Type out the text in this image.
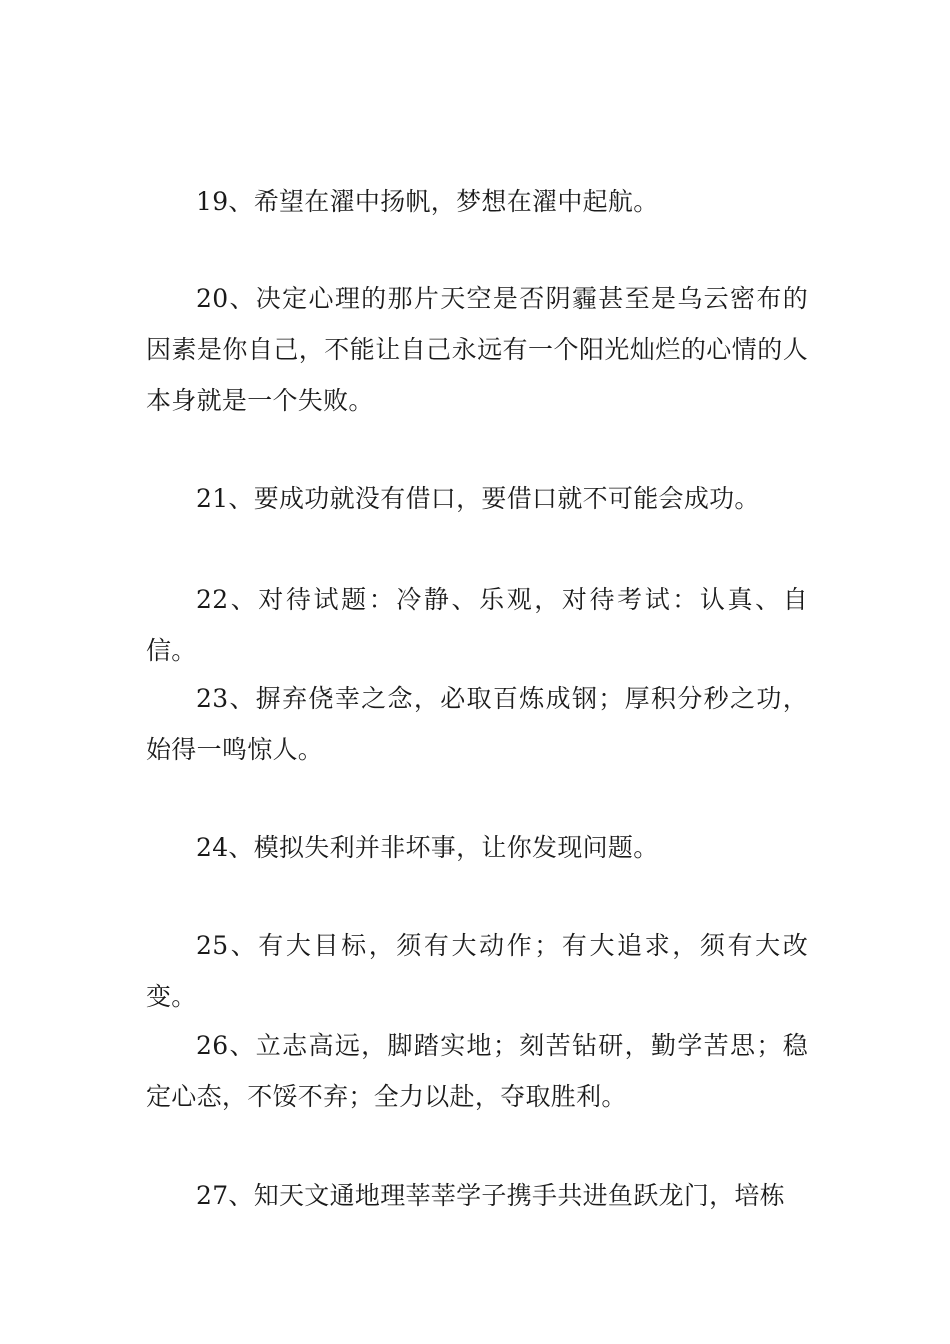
19、希望在濯中扬帆，梦想在濯中起航。

20、决定心理的那片天空是否阴霾甚至是乌云密布的因素是你自己，不能让自己永远有一个阳光灿烂的心情的人本身就是一个失败。

21、要成功就没有借口，要借口就不可能会成功。

22、对待试题：冷静、乐观，对待考试：认真、自信。

23、摒弃侥幸之念，必取百炼成钢；厚积分秒之功，始得一鸣惊人。

24、模拟失利并非坏事，让你发现问题。

25、有大目标，须有大动作；有大追求，须有大改变。

26、立志高远，脚踏实地；刻苦钻研，勤学苦思；稳定心态，不馁不弃；全力以赴，夺取胜利。

27、知天文通地理莘莘学子携手共进鱼跃龙门，培栋
